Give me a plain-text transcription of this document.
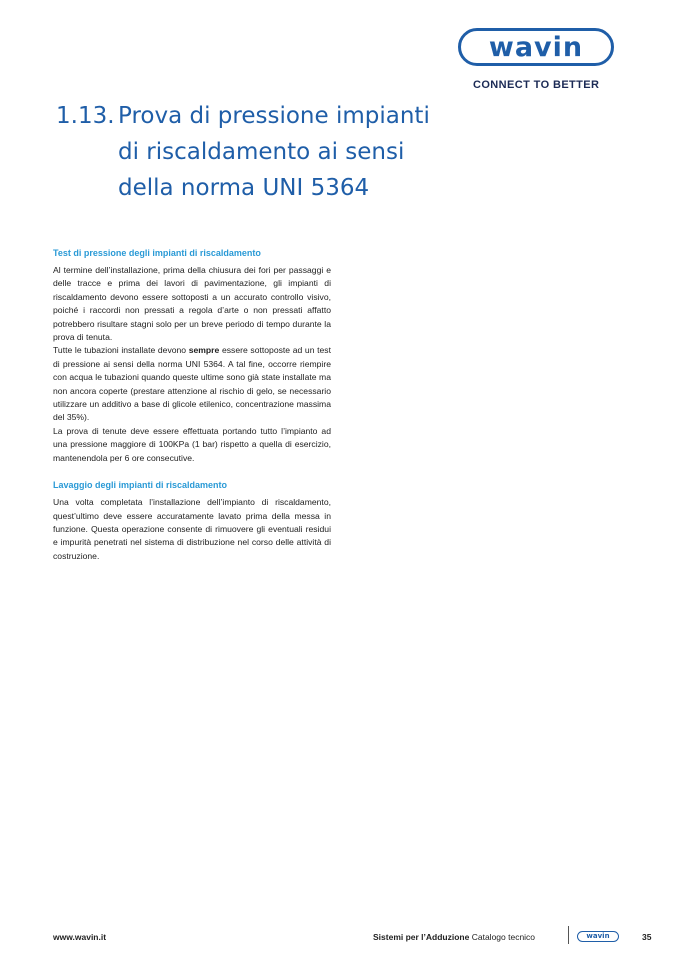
wavin
CONNECT TO BETTER
1.13. Prova di pressione impianti
di riscaldamento ai sensi
della norma UNI 5364

Test di pressione degli impianti di riscaldamento

Al termine dell’installazione, prima della chiusura dei fori per passaggi e delle tracce e prima dei lavori di pavimentazione, gli impianti di riscaldamento devono essere sottoposti a un accurato controllo visivo, poiché i raccordi non pressati a regola d’arte o non pressati affatto potrebbero risultare stagni solo per un breve periodo di tempo durante la prova di tenuta.

Tutte le tubazioni installate devono sempre essere sottoposte ad un test di pressione ai sensi della norma UNI 5364. A tal fine, occorre riempire con acqua le tubazioni quando queste ultime sono già state installate ma non ancora coperte (prestare attenzione al rischio di gelo, se necessario utilizzare un additivo a base di glicole etilenico, concentrazione massima del 35%).

La prova di tenute deve essere effettuata portando tutto l’impianto ad una pressione maggiore di 100KPa (1 bar) rispetto a quella di esercizio, mantenendola per 6 ore consecutive.

Lavaggio degli impianti di riscaldamento

Una volta completata l’installazione dell’impianto di riscaldamento, quest’ultimo deve essere accuratamente lavato prima della messa in funzione. Questa operazione consente di rimuovere gli eventuali residui e impurità penetrati nel sistema di distribuzione nel corso delle attività di costruzione.

www.wavin.it	Sistemi per l’Adduzione Catalogo tecnico	wavin	35
